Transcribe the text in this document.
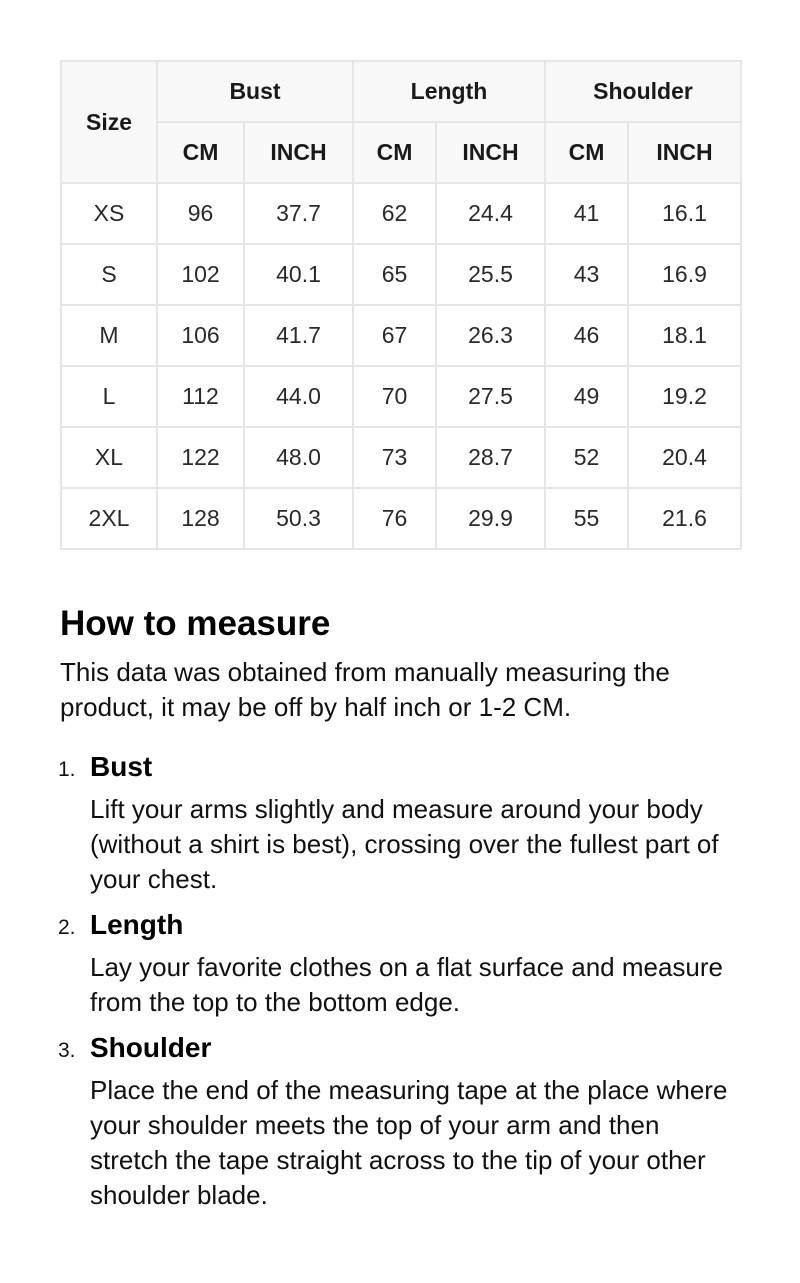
Size	Bust		Length		Shoulder	
	CM	INCH	CM	INCH	CM	INCH
XS	96	37.7	62	24.4	41	16.1
S	102	40.1	65	25.5	43	16.9
M	106	41.7	67	26.3	46	18.1
L	112	44.0	70	27.5	49	19.2
XL	122	48.0	73	28.7	52	20.4
2XL	128	50.3	76	29.9	55	21.6
How to measure

This data was obtained from manually measuring the product, it may be off by half inch or 1-2 CM.

1. Bust
Lift your arms slightly and measure around your body (without a shirt is best), crossing over the fullest part of your chest.
2. Length
Lay your favorite clothes on a flat surface and measure from the top to the bottom edge.
3. Shoulder
Place the end of the measuring tape at the place where your shoulder meets the top of your arm and then stretch the tape straight across to the tip of your other shoulder blade.
